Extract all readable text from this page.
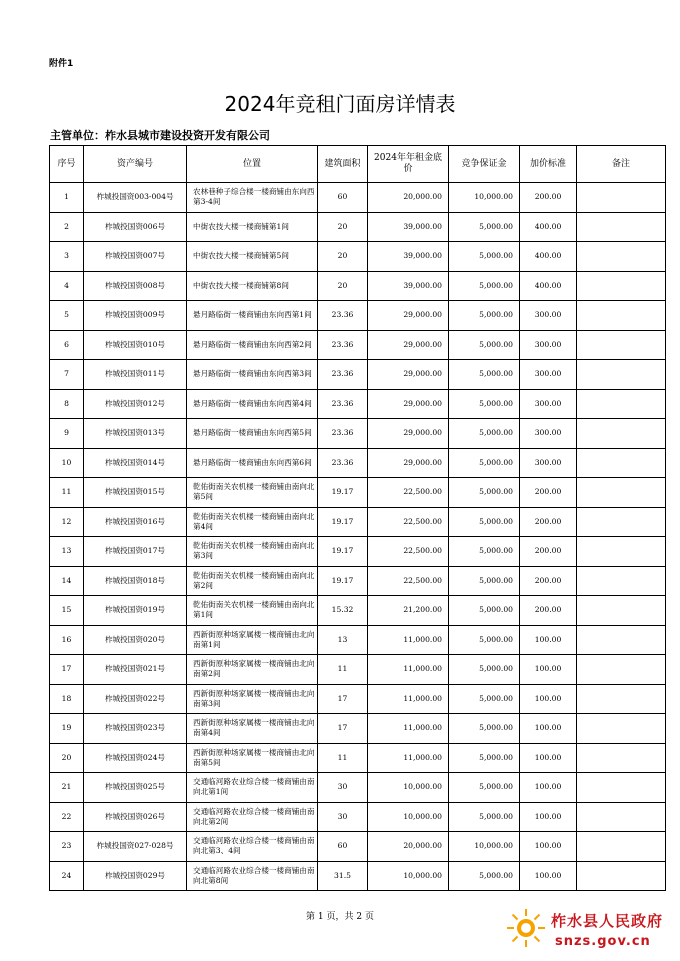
附件1
2024年竞租门面房详情表
主管单位：柞水县城市建设投资开发有限公司
序号	资产编号	位置	建筑面积	2024年年租金底价	竞争保证金	加价标准	备注
1	柞城投国资003-004号	农林巷种子综合楼一楼商铺由东向西第3-4间	60	20,000.00	10,000.00	200.00	
2	柞城投国资006号	中街农技大楼一楼商铺第1间	20	39,000.00	5,000.00	400.00	
3	柞城投国资007号	中街农技大楼一楼商铺第5间	20	39,000.00	5,000.00	400.00	
4	柞城投国资008号	中街农技大楼一楼商铺第8间	20	39,000.00	5,000.00	400.00	
5	柞城投国资009号	悬月路临街一楼商铺由东向西第1间	23.36	29,000.00	5,000.00	300.00	
6	柞城投国资010号	悬月路临街一楼商铺由东向西第2间	23.36	29,000.00	5,000.00	300.00	
7	柞城投国资011号	悬月路临街一楼商铺由东向西第3间	23.36	29,000.00	5,000.00	300.00	
8	柞城投国资012号	悬月路临街一楼商铺由东向西第4间	23.36	29,000.00	5,000.00	300.00	
9	柞城投国资013号	悬月路临街一楼商铺由东向西第5间	23.36	29,000.00	5,000.00	300.00	
10	柞城投国资014号	悬月路临街一楼商铺由东向西第6间	23.36	29,000.00	5,000.00	300.00	
11	柞城投国资015号	乾佑街南关农机楼一楼商铺由南向北第5间	19.17	22,500.00	5,000.00	200.00	
12	柞城投国资016号	乾佑街南关农机楼一楼商铺由南向北第4间	19.17	22,500.00	5,000.00	200.00	
13	柞城投国资017号	乾佑街南关农机楼一楼商铺由南向北第3间	19.17	22,500.00	5,000.00	200.00	
14	柞城投国资018号	乾佑街南关农机楼一楼商铺由南向北第2间	19.17	22,500.00	5,000.00	200.00	
15	柞城投国资019号	乾佑街南关农机楼一楼商铺由南向北第1间	15.32	21,200.00	5,000.00	200.00	
16	柞城投国资020号	西新街原种场家属楼一楼商铺由北向南第1间	13	11,000.00	5,000.00	100.00	
17	柞城投国资021号	西新街原种场家属楼一楼商铺由北向南第2间	11	11,000.00	5,000.00	100.00	
18	柞城投国资022号	西新街原种场家属楼一楼商铺由北向南第3间	17	11,000.00	5,000.00	100.00	
19	柞城投国资023号	西新街原种场家属楼一楼商铺由北向南第4间	17	11,000.00	5,000.00	100.00	
20	柞城投国资024号	西新街原种场家属楼一楼商铺由北向南第5间	11	11,000.00	5,000.00	100.00	
21	柞城投国资025号	交通临河路农业综合楼一楼商铺由南向北第1间	30	10,000.00	5,000.00	100.00	
22	柞城投国资026号	交通临河路农业综合楼一楼商铺由南向北第2间	30	10,000.00	5,000.00	100.00	
23	柞城投国资027-028号	交通临河路农业综合楼一楼商铺由南向北第3、4间	60	20,000.00	10,000.00	100.00	
24	柞城投国资029号	交通临河路农业综合楼一楼商铺由南向北第8间	31.5	10,000.00	5,000.00	100.00	
第 1 页，共 2 页	柞水县人民政府
snzs.gov.cn
